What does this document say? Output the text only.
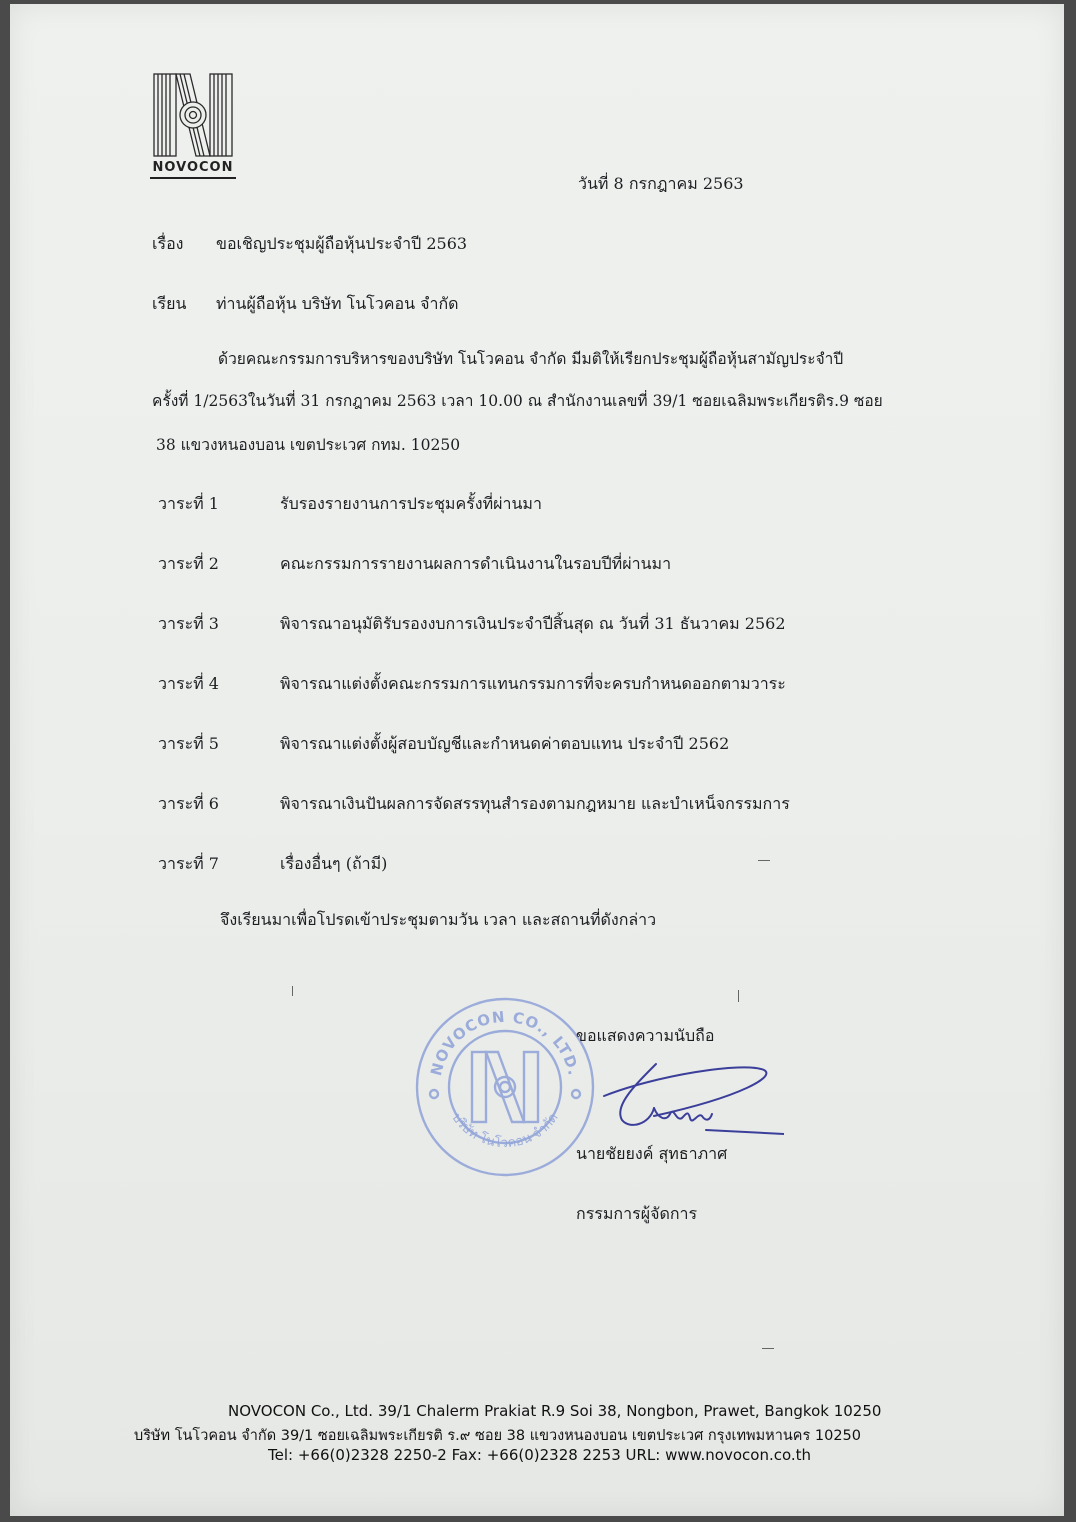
NOVOCON
วันที่ 8 กรกฎาคม 2563
เรื่อง ขอเชิญประชุมผู้ถือหุ้นประจำปี 2563
เรียน ท่านผู้ถือหุ้น บริษัท โนโวคอน จำกัด
ด้วยคณะกรรมการบริหารของบริษัท โนโวคอน จำกัด มีมติให้เรียกประชุมผู้ถือหุ้นสามัญประจำปี
ครั้งที่ 1/2563ในวันที่ 31 กรกฎาคม 2563 เวลา 10.00 ณ สำนักงานเลขที่ 39/1 ซอยเฉลิมพระเกียรติร.9 ซอย
38 แขวงหนองบอน เขตประเวศ กทม. 10250
วาระที่ 1	รับรองรายงานการประชุมครั้งที่ผ่านมา
วาระที่ 2	คณะกรรมการรายงานผลการดำเนินงานในรอบปีที่ผ่านมา
วาระที่ 3	พิจารณาอนุมัติรับรองงบการเงินประจำปีสิ้นสุด ณ วันที่ 31 ธันวาคม 2562
วาระที่ 4	พิจารณาแต่งตั้งคณะกรรมการแทนกรรมการที่จะครบกำหนดออกตามวาระ
วาระที่ 5	พิจารณาแต่งตั้งผู้สอบบัญชีและกำหนดค่าตอบแทน ประจำปี 2562
วาระที่ 6	พิจารณาเงินปันผลการจัดสรรทุนสำรองตามกฎหมาย และบำเหน็จกรรมการ
วาระที่ 7	เรื่องอื่นๆ (ถ้ามี)
จึงเรียนมาเพื่อโปรดเข้าประชุมตามวัน เวลา และสถานที่ดังกล่าว
NOVOCON CO., LTD.
บริษัท โนโวคอน จำกัด
ขอแสดงความนับถือ
นายชัยยงค์ สุทธาภาศ
กรรมการผู้จัดการ
NOVOCON Co., Ltd. 39/1 Chalerm Prakiat R.9 Soi 38, Nongbon, Prawet, Bangkok 10250
บริษัท โนโวคอน จำกัด 39/1 ซอยเฉลิมพระเกียรติ ร.๙ ซอย 38 แขวงหนองบอน เขตประเวศ กรุงเทพมหานคร 10250
Tel: +66(0)2328 2250-2 Fax: +66(0)2328 2253 URL: www.novocon.co.th
